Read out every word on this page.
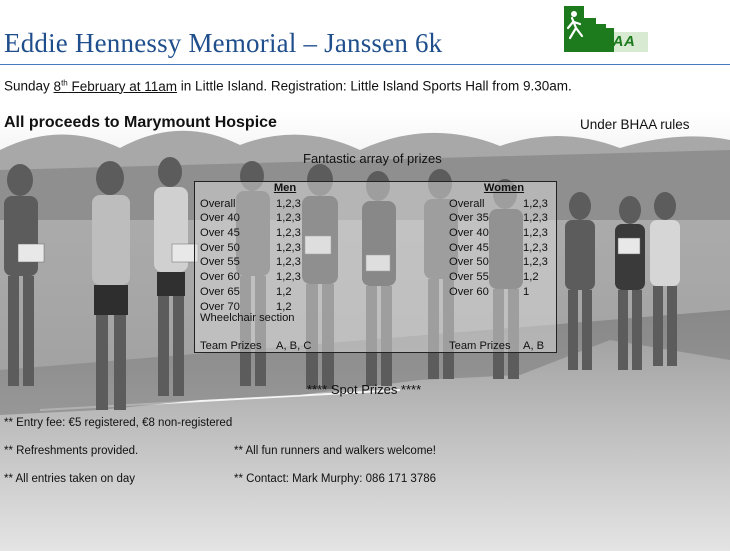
Eddie Hennessy Memorial – Janssen 6k	BHAA
Sunday 8th February at 11am in Little Island. Registration: Little Island Sports Hall from 9.30am.
All proceeds to Marymount Hospice	Under BHAA rules
Fantastic array of prizes
Men
Overall	1,2,3
Over 40	1,2,3
Over 45	1,2,3
Over 50	1,2,3
Over 55	1,2,3
Over 60	1,2,3
Over 65	1,2
Over 70	1,2
Women
Overall	1,2,3
Over 35	1,2,3
Over 40	1,2,3
Over 45	1,2,3
Over 50	1,2,3
Over 55	1,2
Over 60	1
Wheelchair section
Team Prizes A, B, C	Team Prizes A, B
**** Spot Prizes ****
** Entry fee: €5 registered, €8 non-registered
** Refreshments provided.	** All fun runners and walkers welcome!
** All entries taken on day	** Contact: Mark Murphy: 086 171 3786
